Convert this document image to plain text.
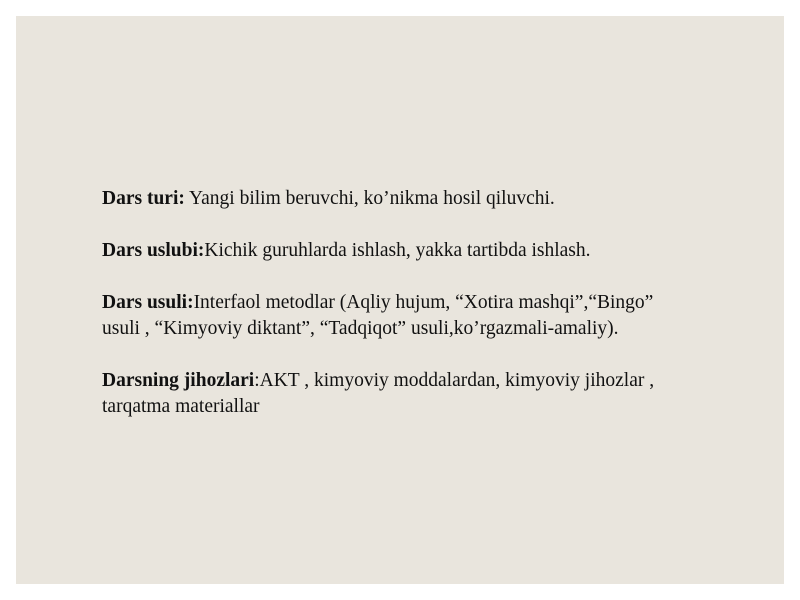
Dars turi: Yangi bilim beruvchi, ko’nikma hosil qiluvchi.

Dars uslubi:Kichik guruhlarda ishlash, yakka tartibda ishlash.

Dars usuli:Interfaol metodlar (Aqliy hujum, “Xotira mashqi”,“Bingo” usuli , “Kimyoviy diktant”, “Tadqiqot” usuli,ko’rgazmali-amaliy).

Darsning jihozlari:AKT , kimyoviy moddalardan, kimyoviy jihozlar , tarqatma materiallar
